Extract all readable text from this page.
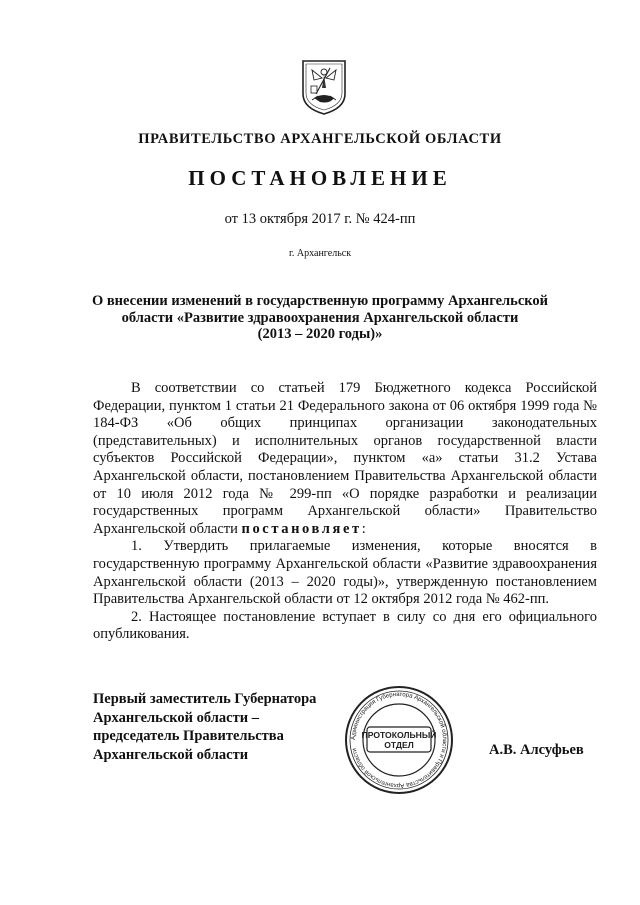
ПРАВИТЕЛЬСТВО АРХАНГЕЛЬСКОЙ ОБЛАСТИ
ПОСТАНОВЛЕНИЕ
от 13 октября 2017 г. № 424-пп
г. Архангельск
О внесении изменений в государственную программу Архангельской
области «Развитие здравоохранения Архангельской области
(2013 – 2020 годы)»

В соответствии со статьей 179 Бюджетного кодекса Российской Федерации, пунктом 1 статьи 21 Федерального закона от 06 октября 1999 года № 184-ФЗ «Об общих принципах организации законодательных (представительных) и исполнительных органов государственной власти субъектов Российской Федерации», пунктом «а» статьи 31.2 Устава Архангельской области, постановлением Правительства Архангельской области от 10 июля 2012 года № 299-пп «О порядке разработки и реализации государственных программ Архангельской области» Правительство Архангельской области постановляет:

1. Утвердить прилагаемые изменения, которые вносятся в государственную программу Архангельской области «Развитие здравоохранения Архангельской области (2013 – 2020 годы)», утвержденную постановлением Правительства Архангельской области от 12 октября 2012 года № 462-пп.

2. Настоящее постановление вступает в силу со дня его официального опубликования.

Первый заместитель Губернатора
Архангельской области –
председатель Правительства
Архангельской области
Администрация Губернатора Архангельской области и Правительства Архангельской области
ПРОТОКОЛЬНЫЙ
ОТДЕЛ	А.В. Алсуфьев
